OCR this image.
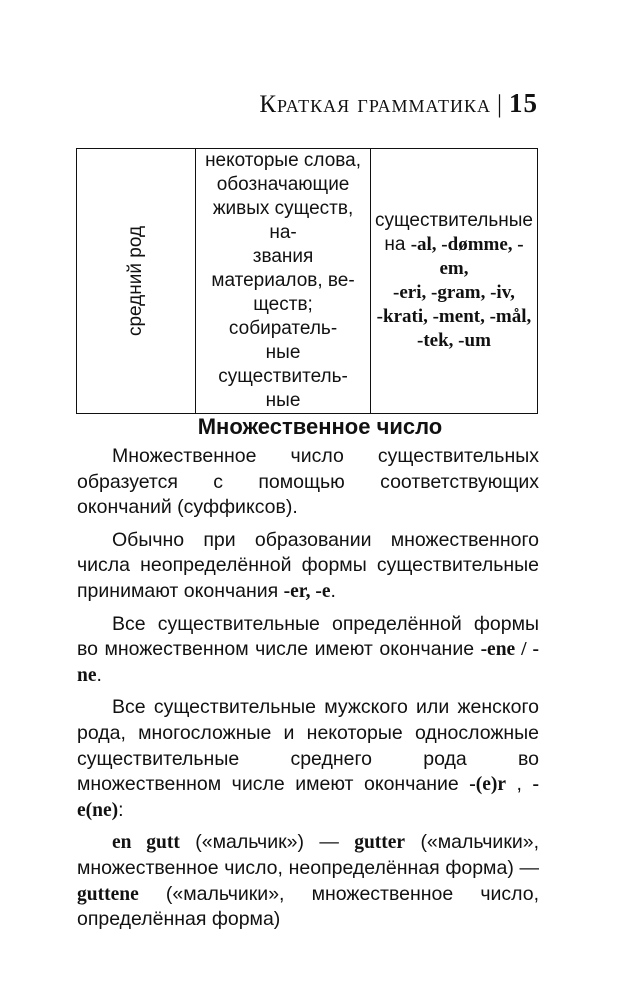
Краткая грамматика | 15
средний род	некоторые слова,
обозначающие
живых существ, на-
звания
материалов, ве-
ществ; собиратель-
ные существитель-
ные	существительные
на -al, -dømme, -em,
-eri, -gram, -iv,
-krati, -ment, -mål,
-tek, -um
Множественное число

Множественное число существительных образуется с помощью соответствующих окончаний (суффиксов).

Обычно при образовании множественного числа неопределённой формы существительные принимают окончания -er, -e.

Все существительные определённой формы во множественном числе имеют окончание -ene / -ne.

Все существительные мужского или женского рода, многосложные и некоторые односложные существительные среднего рода во множественном числе имеют окончание -(e)r , -e(ne):

en gutt («мальчик») — gutter («мальчики», множественное число, неопределённая форма) — guttene («мальчики», множественное число, определённая форма)
